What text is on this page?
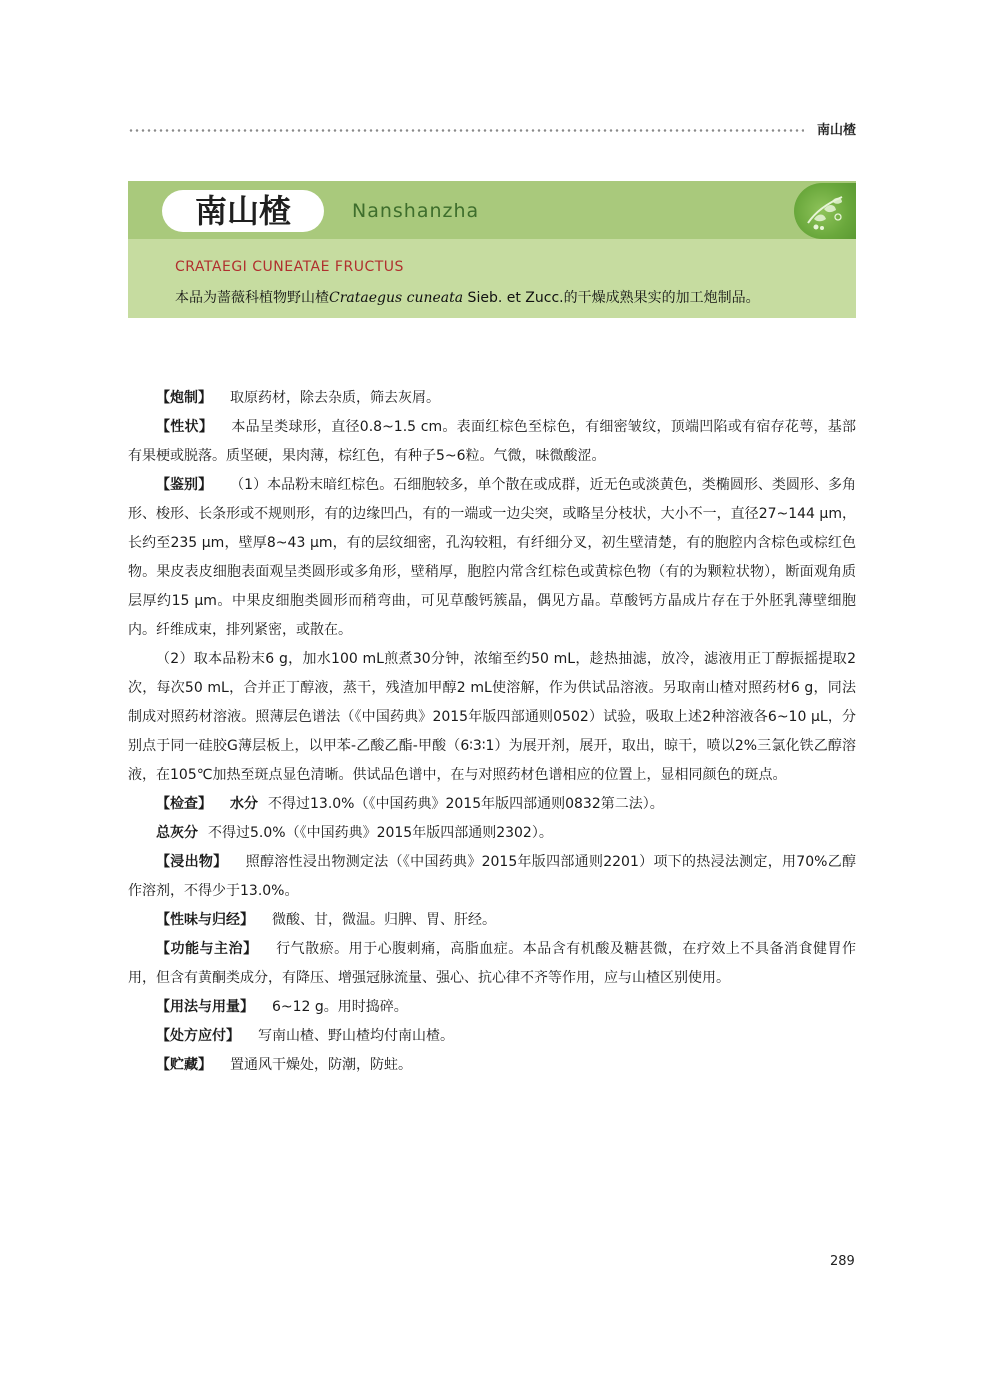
南山楂
南山楂	Nanshanzha
CRATAEGI CUNEATAE FRUCTUS
本品为蔷薇科植物野山楂Crataegus cuneata Sieb. et Zucc.的干燥成熟果实的加工炮制品。

【炮制】 取原药材，除去杂质，筛去灰屑。

【性状】 本品呈类球形，直径0.8~1.5 cm。表面红棕色至棕色，有细密皱纹，顶端凹陷或有宿存花萼，基部有果梗或脱落。质坚硬，果肉薄，棕红色，有种子5~6粒。气微，味微酸涩。

【鉴别】 （1）本品粉末暗红棕色。石细胞较多，单个散在或成群，近无色或淡黄色，类椭圆形、类圆形、多角形、梭形、长条形或不规则形，有的边缘凹凸，有的一端或一边尖突，或略呈分枝状，大小不一，直径27~144 μm，长约至235 μm，壁厚8~43 μm，有的层纹细密，孔沟较粗，有纤细分叉，初生壁清楚，有的胞腔内含棕色或棕红色物。果皮表皮细胞表面观呈类圆形或多角形，壁稍厚，胞腔内常含红棕色或黄棕色物（有的为颗粒状物），断面观角质层厚约15 μm。中果皮细胞类圆形而稍弯曲，可见草酸钙簇晶，偶见方晶。草酸钙方晶成片存在于外胚乳薄壁细胞内。纤维成束，排列紧密，或散在。

（2）取本品粉末6 g，加水100 mL煎煮30分钟，浓缩至约50 mL，趁热抽滤，放冷，滤液用正丁醇振摇提取2次，每次50 mL，合并正丁醇液，蒸干，残渣加甲醇2 mL使溶解，作为供试品溶液。另取南山楂对照药材6 g，同法制成对照药材溶液。照薄层色谱法（《中国药典》2015年版四部通则0502）试验，吸取上述2种溶液各6~10 μL，分别点于同一硅胶G薄层板上，以甲苯-乙酸乙酯-甲酸（6∶3∶1）为展开剂，展开，取出，晾干，喷以2%三氯化铁乙醇溶液，在105℃加热至斑点显色清晰。供试品色谱中，在与对照药材色谱相应的位置上，显相同颜色的斑点。

【检查】 水分 不得过13.0%（《中国药典》2015年版四部通则0832第二法）。

总灰分 不得过5.0%（《中国药典》2015年版四部通则2302）。

【浸出物】 照醇溶性浸出物测定法（《中国药典》2015年版四部通则2201）项下的热浸法测定，用70%乙醇作溶剂，不得少于13.0%。

【性味与归经】 微酸、甘，微温。归脾、胃、肝经。

【功能与主治】 行气散瘀。用于心腹刺痛，高脂血症。本品含有机酸及糖甚微，在疗效上不具备消食健胃作用，但含有黄酮类成分，有降压、增强冠脉流量、强心、抗心律不齐等作用，应与山楂区别使用。

【用法与用量】 6~12 g。用时捣碎。

【处方应付】 写南山楂、野山楂均付南山楂。

【贮藏】 置通风干燥处，防潮，防蛀。

289
